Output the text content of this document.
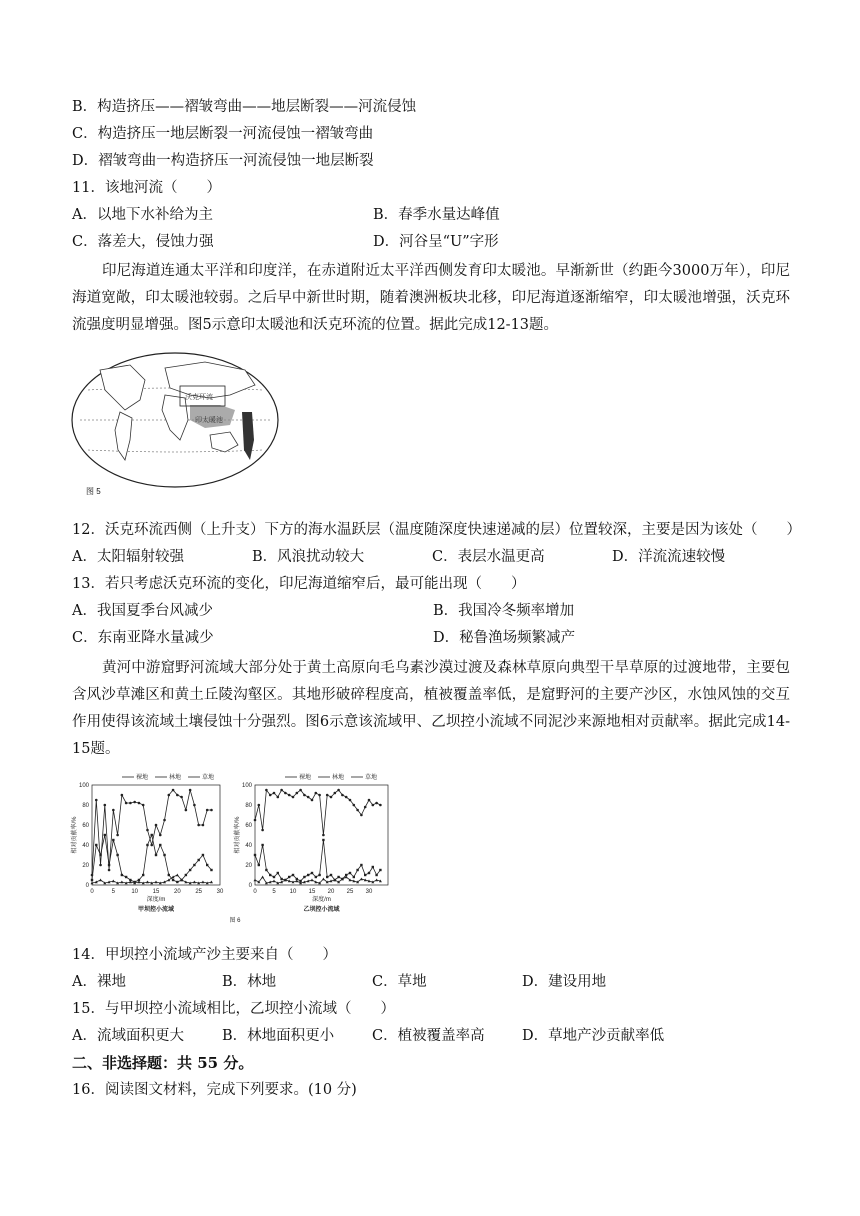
B．构造挤压——褶皱弯曲——地层断裂——河流侵蚀
C．构造挤压一地层断裂一河流侵蚀一褶皱弯曲
D．褶皱弯曲一构造挤压一河流侵蚀一地层断裂
11．该地河流（　　）
A．以地下水补给为主	B．春季水量达峰值
C．落差大，侵蚀力强	D．河谷呈“U”字形
印尼海道连通太平洋和印度洋，在赤道附近太平洋西侧发育印太暖池。早渐新世（约距今3000万年），印尼海道宽敞，印太暖池较弱。之后早中新世时期，随着澳洲板块北移，印尼海道逐渐缩窄，印太暖池增强，沃克环流强度明显增强。图5示意印太暖池和沃克环流的位置。据此完成12-13题。
沃克环流
印太暖池
图 5
12．沃克环流西侧（上升支）下方的海水温跃层（温度随深度快速递减的层）位置较深，主要是因为该处（　　）
A．太阳辐射较强	B．风浪扰动较大	C．表层水温更高	D．洋流流速较慢
13．若只考虑沃克环流的变化，印尼海道缩窄后，最可能出现（　　）
A．我国夏季台风减少	B．我国冷冬频率增加
C．东南亚降水量减少	D．秘鲁渔场频繁减产
黄河中游窟野河流域大部分处于黄土高原向毛乌素沙漠过渡及森林草原向典型干旱草原的过渡地带，主要包含风沙草滩区和黄土丘陵沟壑区。其地形破碎程度高，植被覆盖率低，是窟野河的主要产沙区，水蚀风蚀的交互作用使得该流域土壤侵蚀十分强烈。图6示意该流域甲、乙坝控小流域不同泥沙来源地相对贡献率。据此完成14-15题。
0
20
40
60
80
100
0	5	10 15 20 25 30
相对贡献率/%
深度/m
甲坝控小流域
裸地	林地	草地
0
20
40
60
80
100
0	5 10 15 20 25 30
相对贡献率/%
深度/m
乙坝控小流域
裸地	林地	草地
图 6
14．甲坝控小流域产沙主要来自（　　）
A．裸地	B．林地	C．草地	D．建设用地
15．与甲坝控小流域相比，乙坝控小流域（　　）
A．流域面积更大	B．林地面积更小	C．植被覆盖率高	D．草地产沙贡献率低
二、非选择题：共 55 分。
16．阅读图文材料，完成下列要求。(10 分)
